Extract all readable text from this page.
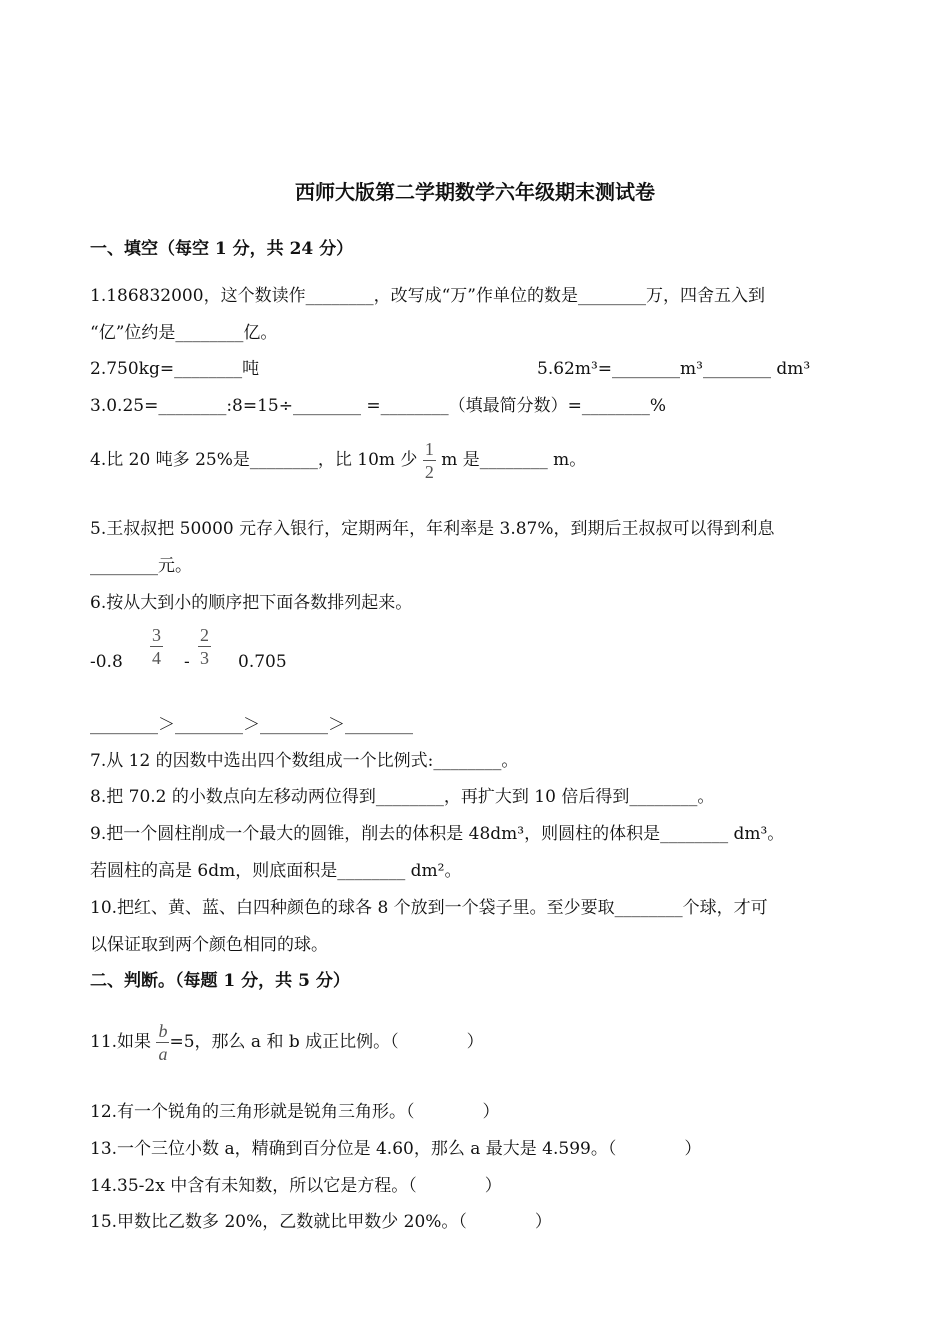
西师大版第二学期数学六年级期末测试卷
一、填空（每空 1 分，共 24 分）
1.186832000，这个数读作________，改写成“万”作单位的数是________万，四舍五入到
“亿”位约是________亿。
2.750kg=________吨	5.62m³=________m³________ dm³
3.0.25=________:8=15÷________ =________（填最简分数）=________%
4.比 20 吨多 25%是________，比 10m 少 $\frac{1}{2}$ m 是________ m。
5.王叔叔把 50000 元存入银行，定期两年，年利率是 3.87%，到期后王叔叔可以得到利息
________元。
6.按从大到小的顺序把下面各数排列起来。
$-0.8 \frac{3}{4} - \frac{2}{3} 0.705$
________＞________＞________＞________
7.从 12 的因数中选出四个数组成一个比例式:________。
8.把 70.2 的小数点向左移动两位得到________，再扩大到 10 倍后得到________。
9.把一个圆柱削成一个最大的圆锥，削去的体积是 48dm³，则圆柱的体积是________ dm³。
若圆柱的高是 6dm，则底面积是________ dm²。
10.把红、黄、蓝、白四种颜色的球各 8 个放到一个袋子里。至少要取________个球，才可
以保证取到两个颜色相同的球。
二、判断。（每题 1 分，共 5 分）
11.如果 $\frac{b}{a} =5$，那么 a 和 b 成正比例。（　　　　）
12.有一个锐角的三角形就是锐角三角形。（　　　　）
13.一个三位小数 a，精确到百分位是 4.60，那么 a 最大是 4.599。（　　　　）
14.35-2x 中含有未知数，所以它是方程。（　　　　）
15.甲数比乙数多 20%，乙数就比甲数少 20%。（　　　　）
